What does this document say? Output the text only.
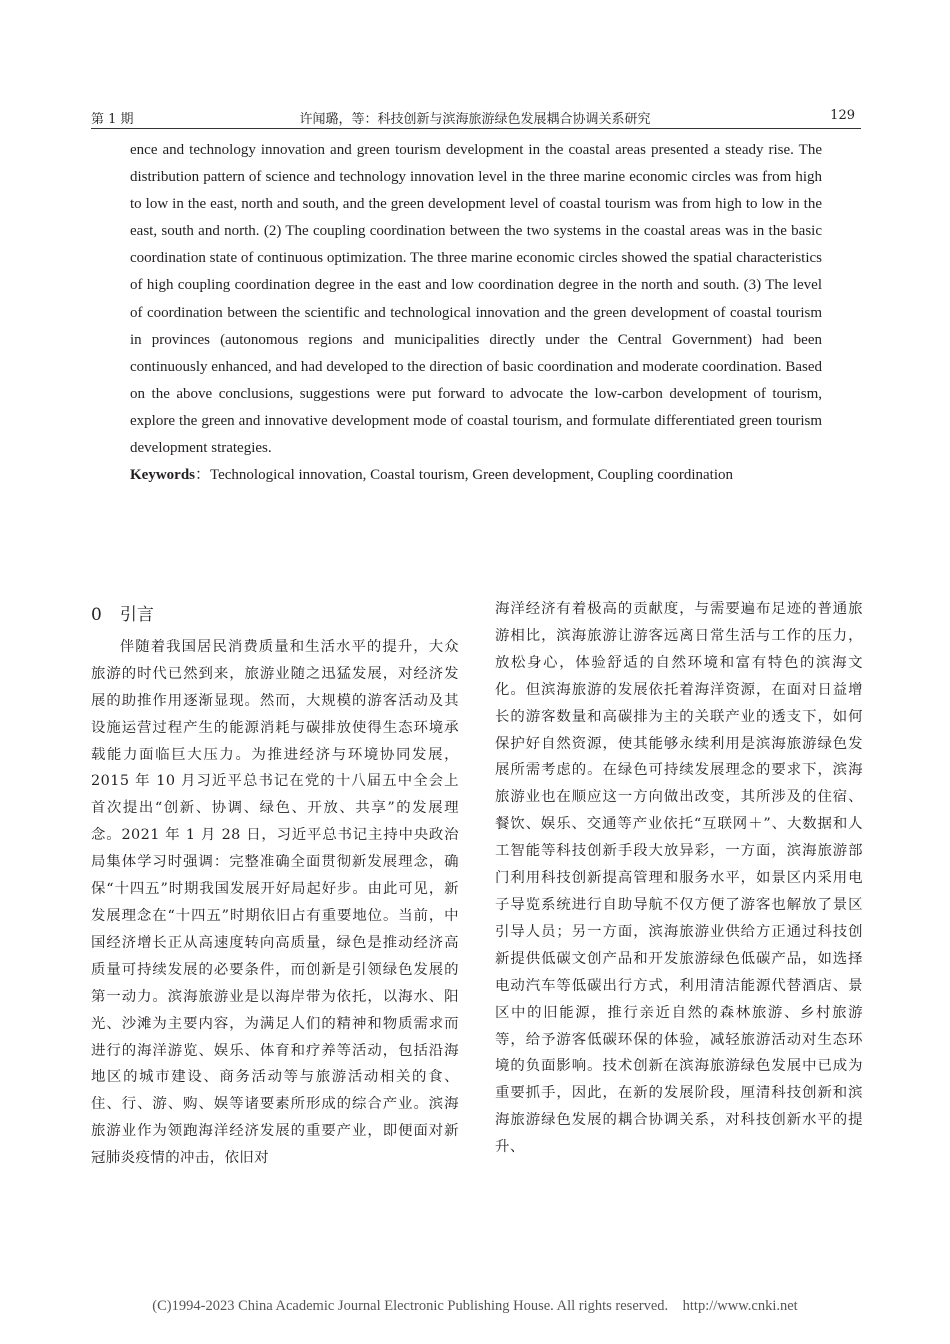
许闻璐，等：科技创新与滨海旅游绿色发展耦合协调关系研究
第 1 期	129

ence and technology innovation and green tourism development in the coastal areas presented a steady rise. The distribution pattern of science and technology innovation level in the three marine economic circles was from high to low in the east, north and south, and the green development level of coastal tourism was from high to low in the east, south and north. (2) The coupling coordination between the two systems in the coastal areas was in the basic coordination state of continuous optimization. The three marine economic circles showed the spatial characteristics of high coupling coordination degree in the east and low coordination degree in the north and south. (3) The level of coordination between the scientific and technological innovation and the green development of coastal tourism in provinces (autonomous regions and municipalities directly under the Central Government) had been continuously enhanced, and had developed to the direction of basic coordination and moderate coordination. Based on the above conclusions, suggestions were put forward to advocate the low-carbon development of tourism, explore the green and innovative development mode of coastal tourism, and formulate differentiated green tourism development strategies.

Keywords：Technological innovation, Coastal tourism, Green development, Coupling coordination

0 引言

伴随着我国居民消费质量和生活水平的提升，大众旅游的时代已然到来，旅游业随之迅猛发展，对经济发展的助推作用逐渐显现。然而，大规模的游客活动及其设施运营过程产生的能源消耗与碳排放使得生态环境承载能力面临巨大压力。为推进经济与环境协同发展，2015 年 10 月习近平总书记在党的十八届五中全会上首次提出“创新、协调、绿色、开放、共享”的发展理念。2021 年 1 月 28 日，习近平总书记主持中央政治局集体学习时强调：完整准确全面贯彻新发展理念，确保“十四五”时期我国发展开好局起好步。由此可见，新发展理念在“十四五”时期依旧占有重要地位。当前，中国经济增长正从高速度转向高质量，绿色是推动经济高质量可持续发展的必要条件，而创新是引领绿色发展的第一动力。滨海旅游业是以海岸带为依托，以海水、阳光、沙滩为主要内容，为满足人们的精神和物质需求而进行的海洋游览、娱乐、体育和疗养等活动，包括沿海地区的城市建设、商务活动等与旅游活动相关的食、住、行、游、购、娱等诸要素所形成的综合产业。滨海旅游业作为领跑海洋经济发展的重要产业，即便面对新冠肺炎疫情的冲击，依旧对

海洋经济有着极高的贡献度，与需要遍布足迹的普通旅游相比，滨海旅游让游客远离日常生活与工作的压力，放松身心，体验舒适的自然环境和富有特色的滨海文化。但滨海旅游的发展依托着海洋资源，在面对日益增长的游客数量和高碳排为主的关联产业的透支下，如何保护好自然资源，使其能够永续利用是滨海旅游绿色发展所需考虑的。在绿色可持续发展理念的要求下，滨海旅游业也在顺应这一方向做出改变，其所涉及的住宿、餐饮、娱乐、交通等产业依托“互联网＋”、大数据和人工智能等科技创新手段大放异彩，一方面，滨海旅游部门利用科技创新提高管理和服务水平，如景区内采用电子导览系统进行自助导航不仅方便了游客也解放了景区引导人员；另一方面，滨海旅游业供给方正通过科技创新提供低碳文创产品和开发旅游绿色低碳产品，如选择电动汽车等低碳出行方式，利用清洁能源代替酒店、景区中的旧能源，推行亲近自然的森林旅游、乡村旅游等，给予游客低碳环保的体验，减轻旅游活动对生态环境的负面影响。技术创新在滨海旅游绿色发展中已成为重要抓手，因此，在新的发展阶段，厘清科技创新和滨海旅游绿色发展的耦合协调关系，对科技创新水平的提升、

(C)1994-2023 China Academic Journal Electronic Publishing House. All rights reserved. http://www.cnki.net
